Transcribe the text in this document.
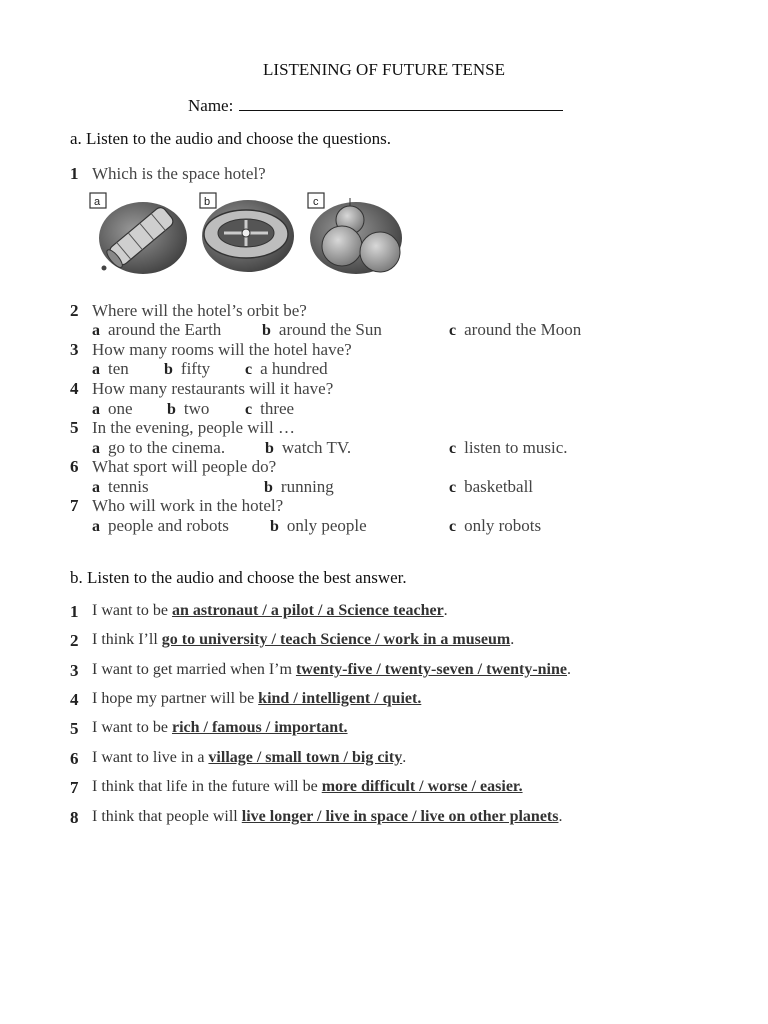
LISTENING OF FUTURE TENSE
Name:
a. Listen to the audio and choose the questions.
1 Which is the space hotel?
a	b	c
2 Where will the hotel’s orbit be?
a around the Earth	b around the Sun	c around the Moon
3 How many rooms will the hotel have?
a ten b fifty c a hundred
4 How many restaurants will it have?
a one b two c three
5 In the evening, people will …
a go to the cinema. b watch TV.	c listen to music.
6 What sport will people do?
a tennis	b running	c basketball
7 Who will work in the hotel?
a people and robots	b only people	c only robots
b. Listen to the audio and choose the best answer.
1 I want to be an astronaut / a pilot / a Science teacher.
2 I think I’ll go to university / teach Science / work in a museum.
3 I want to get married when I’m twenty-five / twenty-seven / twenty-nine.
4 I hope my partner will be kind / intelligent / quiet.
5 I want to be rich / famous / important.
6 I want to live in a village / small town / big city.
7 I think that life in the future will be more difficult / worse / easier.
8 I think that people will live longer / live in space / live on other planets.
